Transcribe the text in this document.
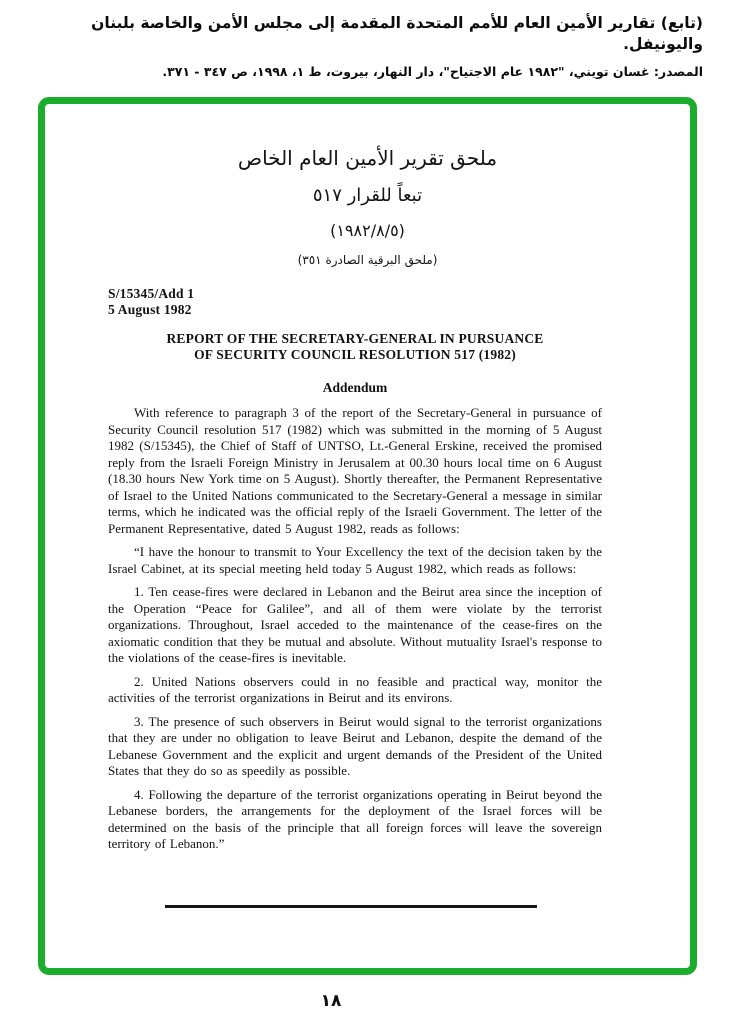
(تابع) تقارير الأمين العام للأمم المتحدة المقدمة إلى مجلس الأمن والخاصة بلبنان واليونيفل.
المصدر: غسان تويني، "١٩٨٢ عام الاجتياح"، دار النهار، بيروت، ط ١، ١٩٩٨، ص ٣٤٧ - ٣٧١.
ملحق تقرير الأمين العام الخاص
تبعاً للقرار ٥١٧
(١٩٨٢/٨/٥)
(ملحق البرقية الصادرة ٣٥١)
S/15345/Add 1
5 August 1982
REPORT OF THE SECRETARY-GENERAL IN PURSUANCE
OF SECURITY COUNCIL RESOLUTION 517 (1982)
Addendum

With reference to paragraph 3 of the report of the Secretary-General in pursuance of Security Council resolution 517 (1982) which was submitted in the morning of 5 August 1982 (S/15345), the Chief of Staff of UNTSO, Lt.-General Erskine, received the promised reply from the Israeli Foreign Ministry in Jerusalem at 00.30 hours local time on 6 August (18.30 hours New York time on 5 August). Shortly thereafter, the Permanent Representative of Israel to the United Nations communicated to the Secretary-General a message in similar terms, which he indicated was the official reply of the Israeli Government. The letter of the Permanent Representative, dated 5 August 1982, reads as follows:

“I have the honour to transmit to Your Excellency the text of the decision taken by the Israel Cabinet, at its special meeting held today 5 August 1982, which reads as follows:

1. Ten cease-fires were declared in Lebanon and the Beirut area since the inception of the Operation “Peace for Galilee”, and all of them were violate by the terrorist organizations. Throughout, Israel acceded to the maintenance of the cease-fires on the axiomatic condition that they be mutual and absolute. Without mutuality Israel's response to the violations of the cease-fires is inevitable.

2. United Nations observers could in no feasible and practical way, monitor the activities of the terrorist organizations in Beirut and its environs.

3. The presence of such observers in Beirut would signal to the terrorist organizations that they are under no obligation to leave Beirut and Lebanon, despite the demand of the Lebanese Government and the explicit and urgent demands of the President of the United States that they do so as speedily as possible.

4. Following the departure of the terrorist organizations operating in Beirut beyond the Lebanese borders, the arrangements for the deployment of the Israel forces will be determined on the basis of the principle that all foreign forces will leave the sovereign territory of Lebanon.”

١٨
